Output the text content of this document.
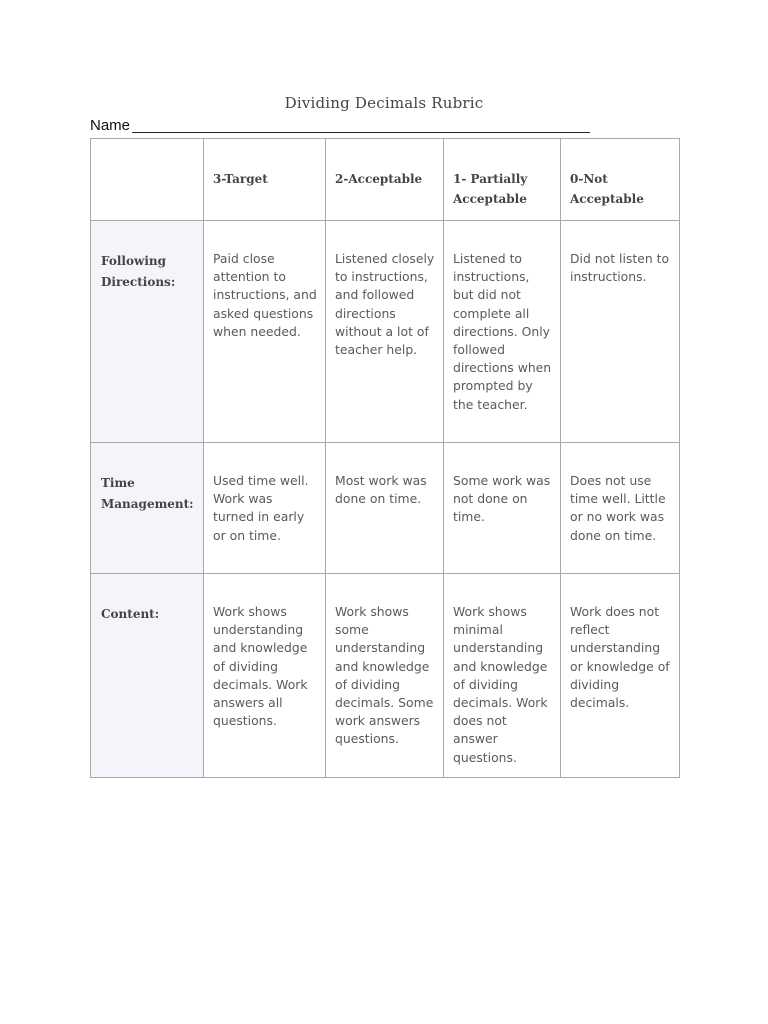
Dividing Decimals Rubric
Name

	3-Target	2-Acceptable	1- Partially Acceptable	0-Not Acceptable

Following Directions:	Paid close attention to instructions, and asked questions when needed.	Listened closely to instructions, and followed directions without a lot of teacher help.	Listened to instructions, but did not complete all directions. Only followed directions when prompted by the teacher.	Did not listen to instructions.

Time Management:	Used time well. Work was turned in early or on time.	Most work was done on time.	Some work was not done on time.	Does not use time well. Little or no work was done on time.

Content:	Work shows understanding and knowledge of dividing decimals. Work answers all questions.	Work shows some understanding and knowledge of dividing decimals. Some work answers questions.	Work shows minimal understanding and knowledge of dividing decimals. Work does not answer questions.	Work does not reflect understanding or knowledge of dividing decimals.
